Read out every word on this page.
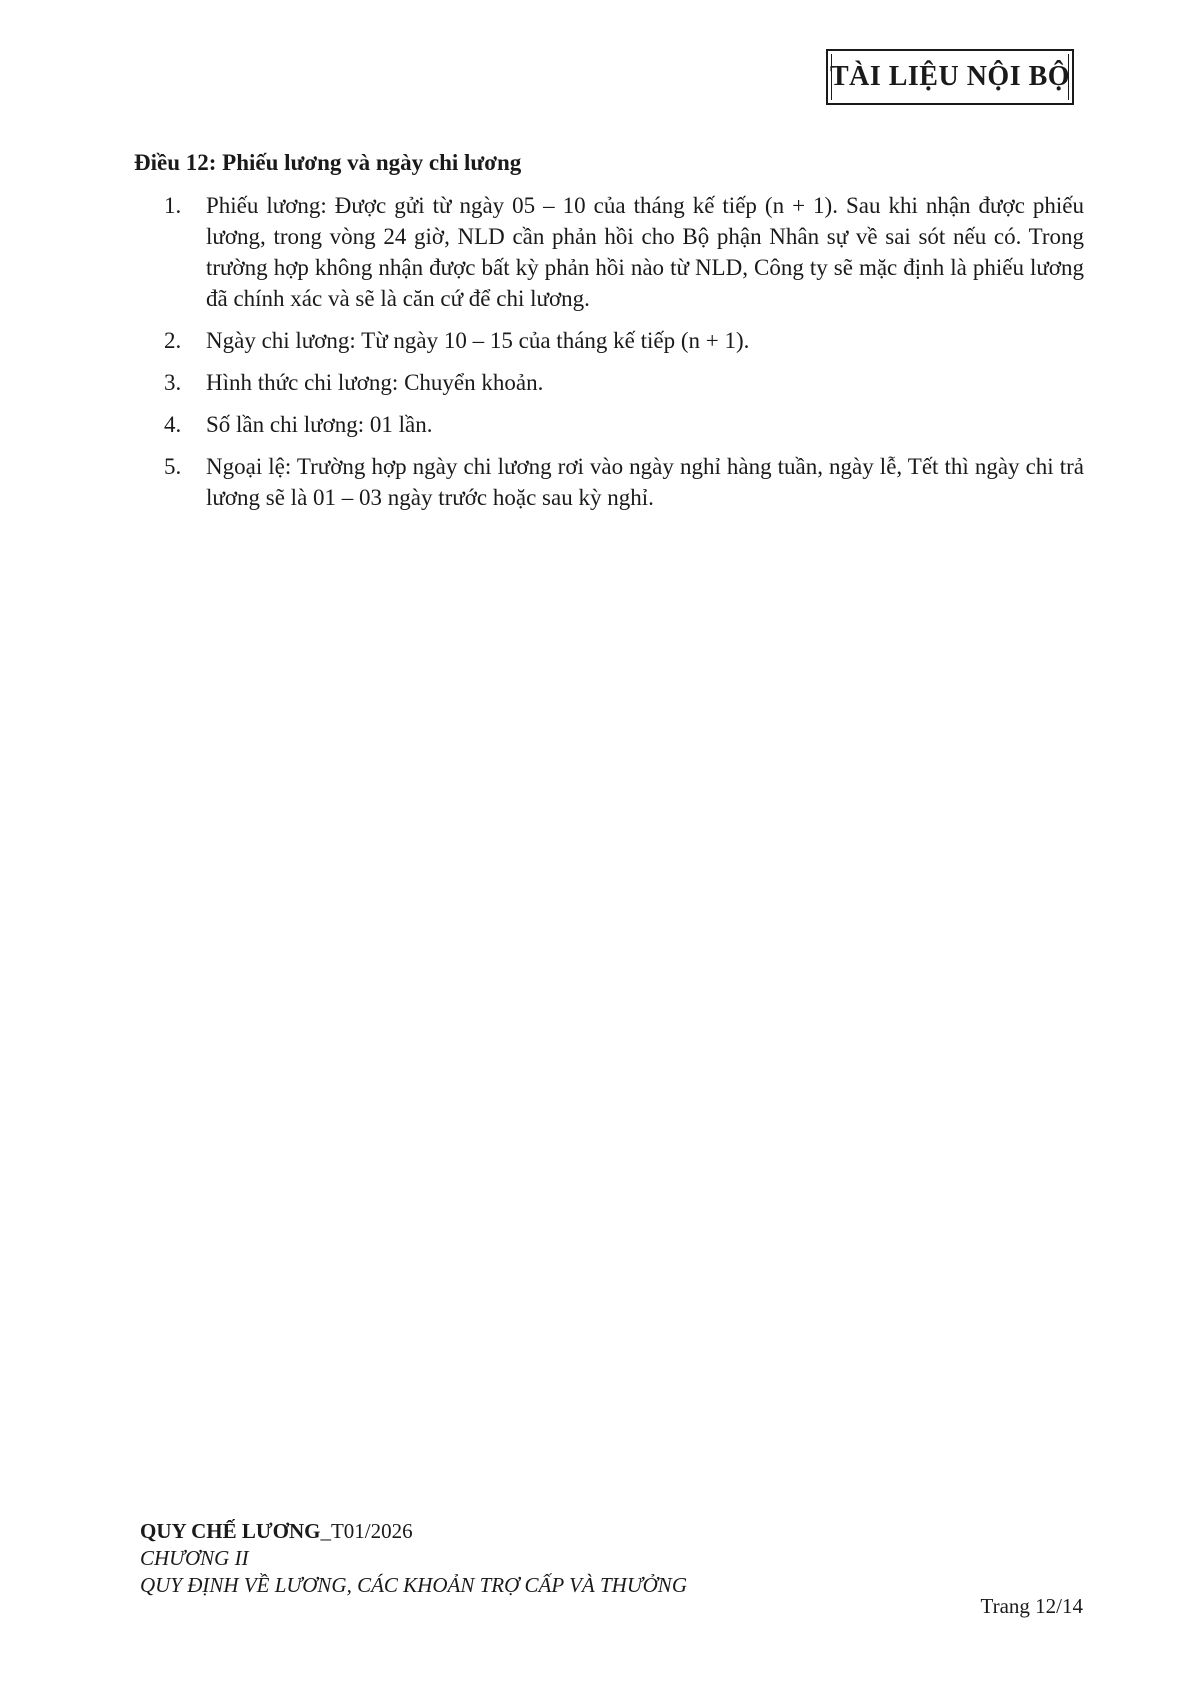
TÀI LIỆU NỘI BỘ
Điều 12: Phiếu lương và ngày chi lương
1.	Phiếu lương: Được gửi từ ngày 05 – 10 của tháng kế tiếp (n + 1). Sau khi nhận được phiếu lương, trong vòng 24 giờ, NLD cần phản hồi cho Bộ phận Nhân sự về sai sót nếu có. Trong trường hợp không nhận được bất kỳ phản hồi nào từ NLD, Công ty sẽ mặc định là phiếu lương đã chính xác và sẽ là căn cứ để chi lương.
2.	Ngày chi lương: Từ ngày 10 – 15 của tháng kế tiếp (n + 1).
3.	Hình thức chi lương: Chuyển khoản.
4.	Số lần chi lương: 01 lần.
5.	Ngoại lệ: Trường hợp ngày chi lương rơi vào ngày nghỉ hàng tuần, ngày lễ, Tết thì ngày chi trả lương sẽ là 01 – 03 ngày trước hoặc sau kỳ nghỉ.
QUY CHẾ LƯƠNG_T01/2026
CHƯƠNG II
QUY ĐỊNH VỀ LƯƠNG, CÁC KHOẢN TRỢ CẤP VÀ THƯỞNG
Trang 12/14
